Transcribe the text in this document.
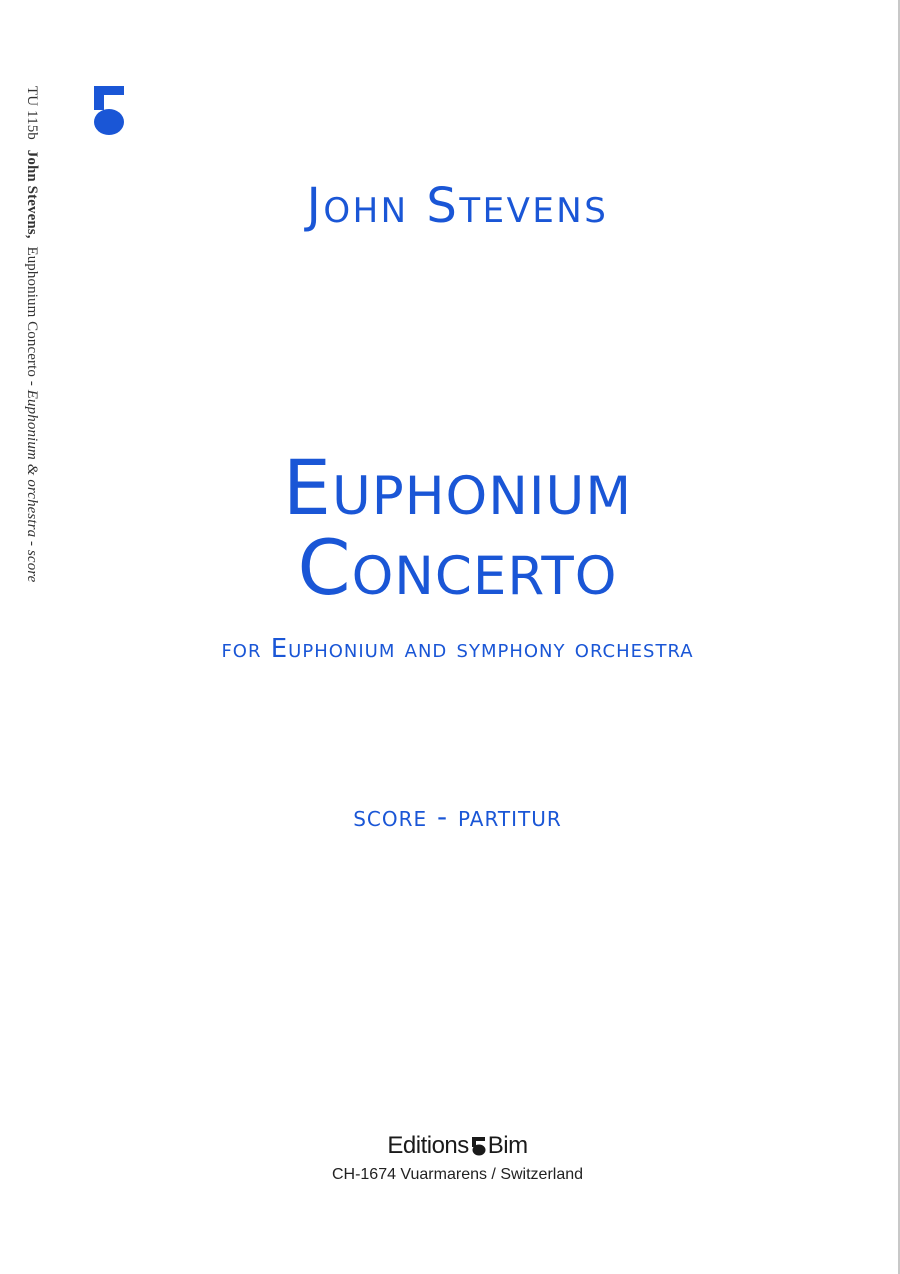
TU 115b John Stevens, Euphonium Concerto - Euphonium & orchestra - score
John Stevens
Euphonium
Concerto
for Euphonium and symphony orchestra
score - partitur
Editions Bim
CH-1674 Vuarmarens / Switzerland
